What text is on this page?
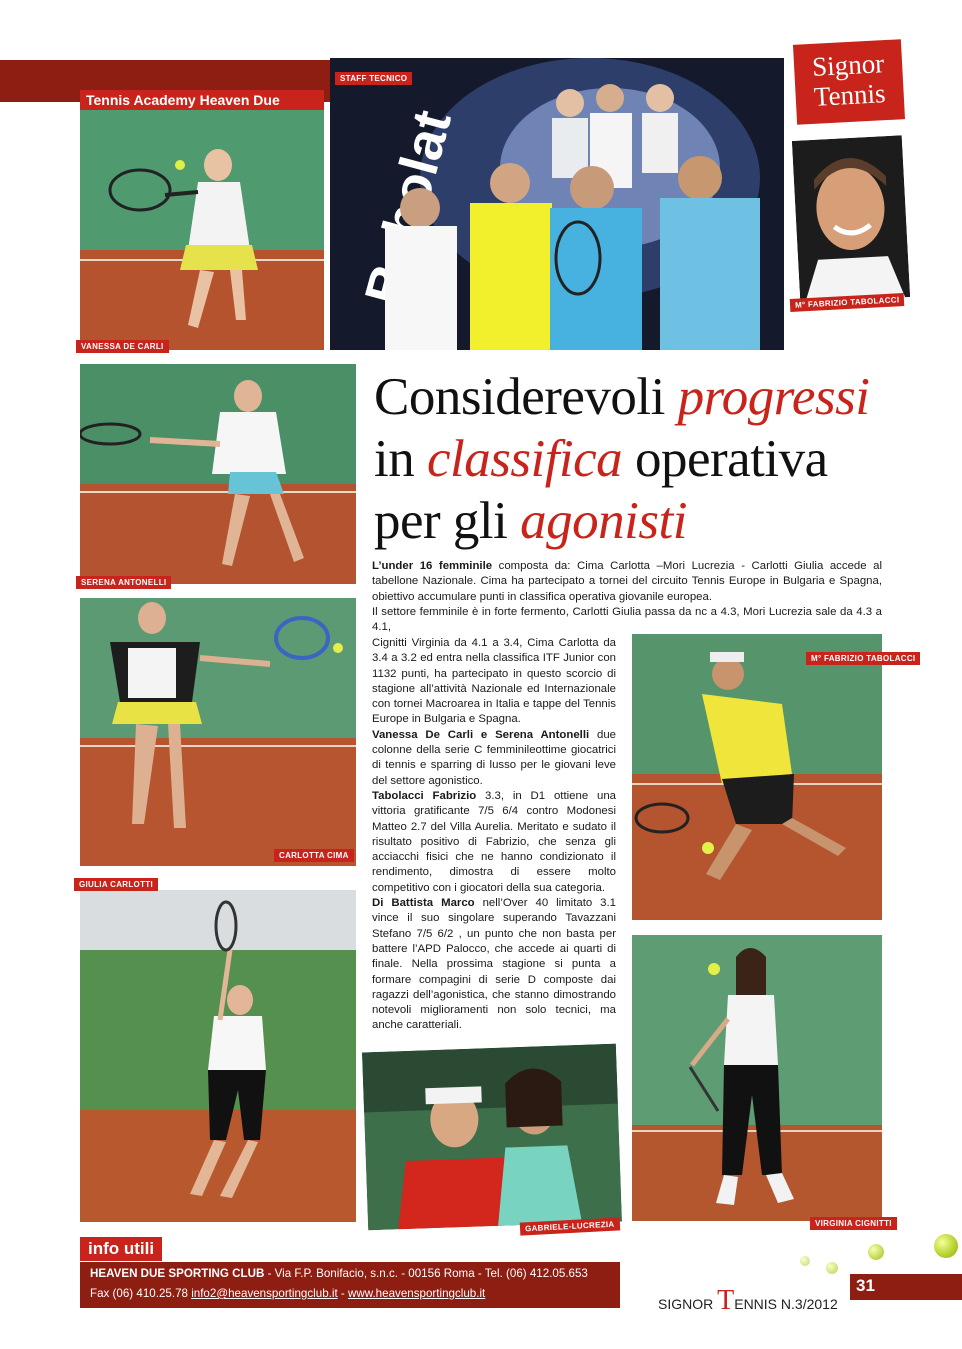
Tennis Academy Heaven Due
VANESSA DE CARLI
STAFF TECNICO	Signor
Tennis
M° FABRIZIO TABOLACCI
Considerevoli progressi
in classifica operativa
per gli agonisti
SERENA ANTONELLI

L’under 16 femminile composta da: Cima Carlotta –Mori Lucrezia - Carlotti Giulia accede al tabellone Nazionale. Cima ha partecipato a tornei del circuito Tennis Europe in Bulgaria e Spagna, obiettivo accumulare punti in classifica operativa giovanile europea.

Il settore femminile è in forte fermento, Carlotti Giulia passa da nc a 4.3, Mori Lucrezia sale da 4.3 a 4.1,

Cignitti Virginia da 4.1 a 3.4, Cima Carlotta da 3.4 a 3.2 ed entra nella classifica ITF Junior con 1132 punti, ha partecipato in questo scorcio di stagione all’attività Nazionale ed Internazionale con tornei Macroarea in Italia e tappe del Tennis Europe in Bulgaria e Spagna.

Vanessa De Carli e Serena Antonelli due colonne della serie C femminileottime giocatrici di tennis e sparring di lusso per le giovani leve del settore agonistico.

Tabolacci Fabrizio 3.3, in D1 ottiene una vittoria gratificante 7/5 6/4 contro Modonesi Matteo 2.7 del Villa Aurelia. Meritato e sudato il risultato positivo di Fabrizio, che senza gli acciacchi fisici che ne hanno condizionato il rendimento, dimostra di essere molto competitivo con i giocatori della sua categoria.

Di Battista Marco nell’Over 40 limitato 3.1 vince il suo singolare superando Tavazzani Stefano 7/5 6/2 , un punto che non basta per battere l’APD Palocco, che accede ai quarti di finale. Nella prossima stagione si punta a formare compagini di serie D composte dai ragazzi dell’agonistica, che stanno dimostrando notevoli miglioramenti non solo tecnici, ma anche caratteriali.

CARLOTTA CIMA
M° FABRIZIO TABOLACCI
GIULIA CARLOTTI
GABRIELE-LUCREZIA	VIRGINIA CIGNITTI
info utili
HEAVEN DUE SPORTING CLUB - Via F.P. Bonifacio, s.n.c. - 00156 Roma - Tel. (06) 412.05.653
Fax (06) 410.25.78 info2@heavensportingclub.it - www.heavensportingclub.it
SIGNOR TENNIS N.3/2012
31
